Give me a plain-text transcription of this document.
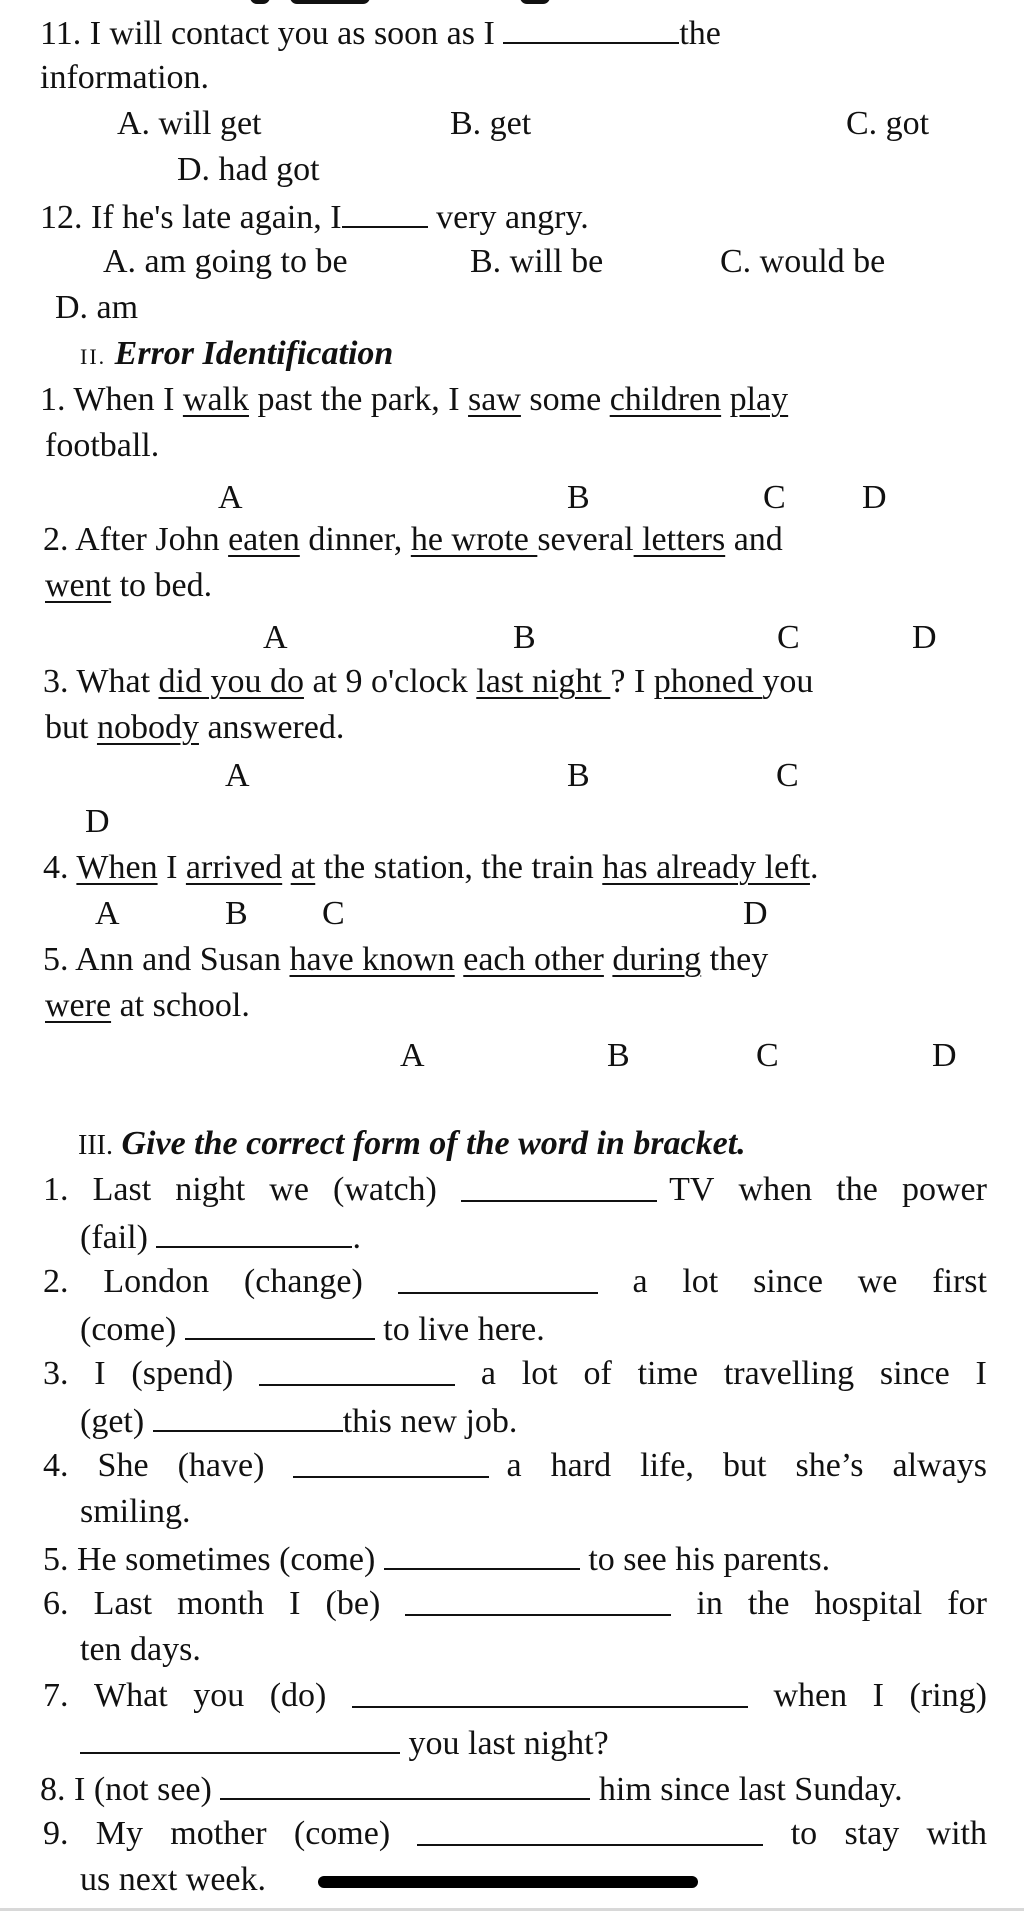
11. I will contact you as soon as I	the
information.
A. will get	B. get	C. got
D. had got
12. If he's late again, I	very angry.
A. am going to be	B. will be	C. would be
D. am
II. Error Identification
1. When I walk past the park, I saw some children play
football.
A	B	C D
2. After John eaten dinner, he wrote several letters and
went to bed.
A	B	C	D
3. What did you do at 9 o'clock last night ? I phoned you
but nobody answered.
A	B	C
D
4. When I arrived at the station, the train has already left.
A	B C	D
5. Ann and Susan have known each other during they
were at school.
A	B	C	D
III. Give the correct form of the word in bracket.
1. Last night we (watch)	TV when the power
(fail)	.
2. London (change)	a lot since we first
(come)	to live here.
3. I (spend)	a lot of time travelling since I
(get)	this new job.
4. She (have)	a hard life, but she’s always
smiling.
5. He sometimes (come)	to see his parents.
6. Last month I (be)	in the hospital for
ten days.
7. What you (do)	when I (ring)
you last night?
8. I (not see)	him since last Sunday.
9. My mother (come)	to stay with
us next week.
